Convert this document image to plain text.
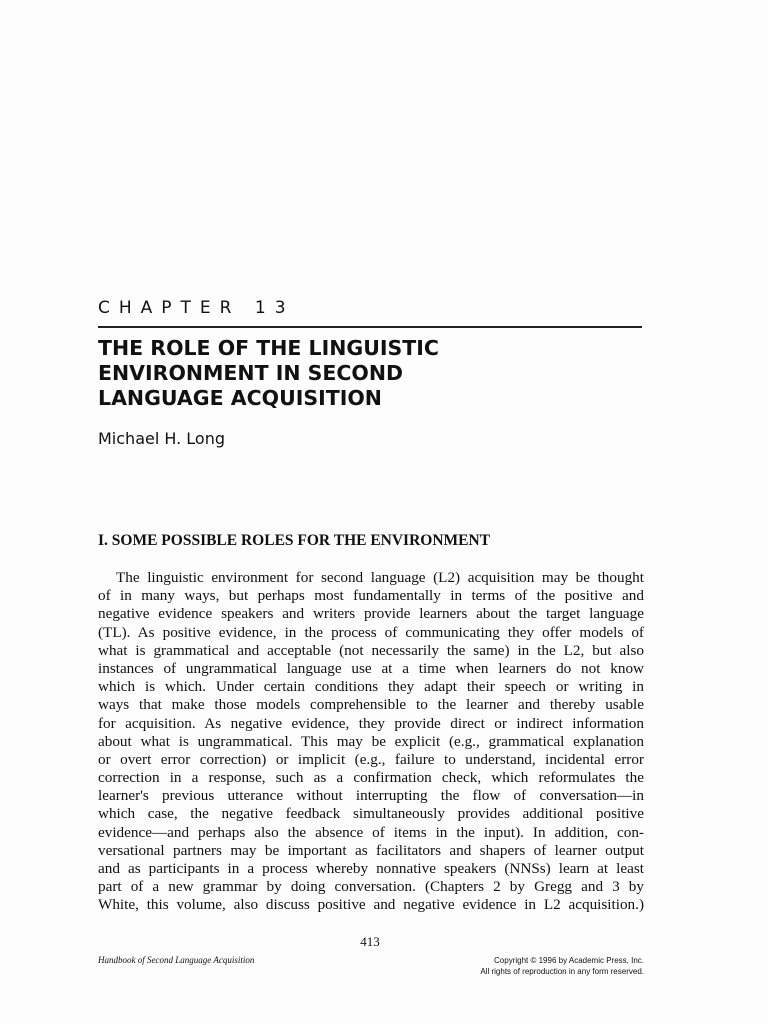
CHAPTER 13
THE ROLE OF THE LINGUISTIC
ENVIRONMENT IN SECOND
LANGUAGE ACQUISITION
Michael H. Long
I. SOME POSSIBLE ROLES FOR THE ENVIRONMENT
The linguistic environment for second language (L2) acquisition may be thought
of in many ways, but perhaps most fundamentally in terms of the positive and
negative evidence speakers and writers provide learners about the target language
(TL). As positive evidence, in the process of communicating they offer models of
what is grammatical and acceptable (not necessarily the same) in the L2, but also
instances of ungrammatical language use at a time when learners do not know
which is which. Under certain conditions they adapt their speech or writing in
ways that make those models comprehensible to the learner and thereby usable
for acquisition. As negative evidence, they provide direct or indirect information
about what is ungrammatical. This may be explicit (e.g., grammatical explanation
or overt error correction) or implicit (e.g., failure to understand, incidental error
correction in a response, such as a confirmation check, which reformulates the
learner's previous utterance without interrupting the flow of conversation—in
which case, the negative feedback simultaneously provides additional positive
evidence—and perhaps also the absence of items in the input). In addition, con-
versational partners may be important as facilitators and shapers of learner output
and as participants in a process whereby nonnative speakers (NNSs) learn at least
part of a new grammar by doing conversation. (Chapters 2 by Gregg and 3 by
White, this volume, also discuss positive and negative evidence in L2 acquisition.)
413
Handbook of Second Language Acquisition	Copyright © 1996 by Academic Press, Inc.
All rights of reproduction in any form reserved.
